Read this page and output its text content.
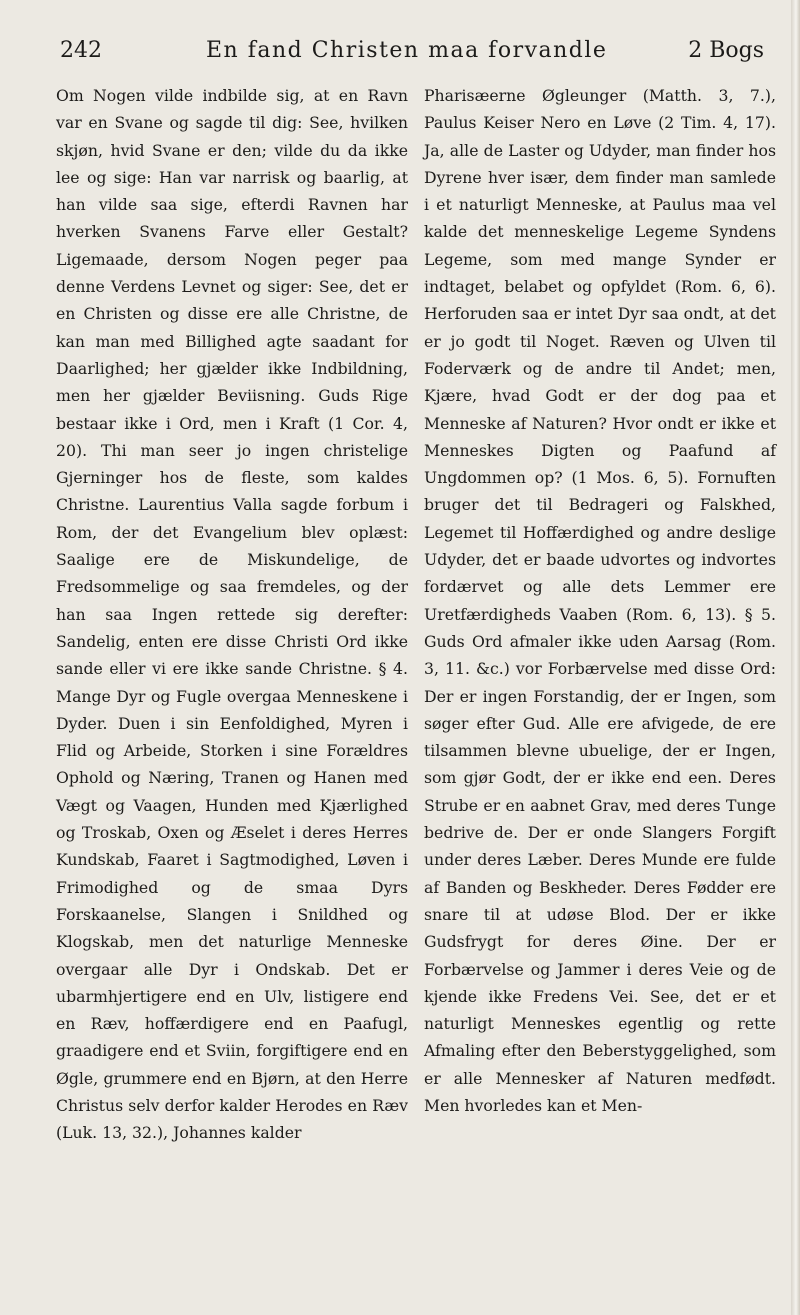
242	En fand Christen maa forvandle	2 Bogs

Om Nogen vilde indbilde sig, at en Ravn var en Svane og sagde til dig: See, hvilken skjøn, hvid Svane er den; vilde du da ikke lee og sige: Han var narrisk og baarlig, at han vilde saa sige, efterdi Ravnen har hverken Svanens Farve eller Gestalt? Ligemaade, dersom Nogen peger paa denne Verdens Levnet og siger: See, det er en Christen og disse ere alle Christne, de kan man med Billighed agte saadant for Daarlighed; her gjælder ikke Indbildning, men her gjælder Beviisning. Guds Rige bestaar ikke i Ord, men i Kraft (1 Cor. 4, 20). Thi man seer jo ingen christelige Gjerninger hos de fleste, som kaldes Christne. Laurentius Valla sagde forbum i Rom, der det Evangelium blev oplæst: Saalige ere de Miskundelige, de Fredsommelige og saa fremdeles, og der han saa Ingen rettede sig derefter: Sandelig, enten ere disse Christi Ord ikke sande eller vi ere ikke sande Christne. § 4. Mange Dyr og Fugle overgaa Menneskene i Dyder. Duen i sin Eenfoldighed, Myren i Flid og Arbeide, Storken i sine Forældres Ophold og Næring, Tranen og Hanen med Vægt og Vaagen, Hunden med Kjærlighed og Troskab, Oxen og Æselet i deres Herres Kundskab, Faaret i Sagtmodighed, Løven i Frimodighed og de smaa Dyrs Forskaanelse, Slangen i Snildhed og Klogskab, men det naturlige Menneske overgaar alle Dyr i Ondskab. Det er ubarmhjertigere end en Ulv, listigere end en Ræv, hoffærdigere end en Paafugl, graadigere end et Sviin, forgiftigere end en Øgle, grummere end en Bjørn, at den Herre Christus selv derfor kalder Herodes en Ræv (Luk. 13, 32.), Johannes kalder

Pharisæerne Øgleunger (Matth. 3, 7.), Paulus Keiser Nero en Løve (2 Tim. 4, 17). Ja, alle de Laster og Udyder, man finder hos Dyrene hver især, dem finder man samlede i et naturligt Menneske, at Paulus maa vel kalde det menneskelige Legeme Syndens Legeme, som med mange Synder er indtaget, belabet og opfyldet (Rom. 6, 6). Herforuden saa er intet Dyr saa ondt, at det er jo godt til Noget. Ræven og Ulven til Foderværk og de andre til Andet; men, Kjære, hvad Godt er der dog paa et Menneske af Naturen? Hvor ondt er ikke et Menneskes Digten og Paafund af Ungdommen op? (1 Mos. 6, 5). Fornuften bruger det til Bedrageri og Falskhed, Legemet til Hoffærdighed og andre deslige Udyder, det er baade udvortes og indvortes fordærvet og alle dets Lemmer ere Uretfærdigheds Vaaben (Rom. 6, 13). § 5. Guds Ord afmaler ikke uden Aarsag (Rom. 3, 11. &c.) vor Forbærvelse med disse Ord: Der er ingen Forstandig, der er Ingen, som søger efter Gud. Alle ere afvigede, de ere tilsammen blevne ubuelige, der er Ingen, som gjør Godt, der er ikke end een. Deres Strube er en aabnet Grav, med deres Tunge bedrive de. Der er onde Slangers Forgift under deres Læber. Deres Munde ere fulde af Banden og Beskheder. Deres Fødder ere snare til at udøse Blod. Der er ikke Gudsfrygt for deres Øine. Der er Forbærvelse og Jammer i deres Veie og de kjende ikke Fredens Vei. See, det er et naturligt Menneskes egentlig og rette Afmaling efter den Beberstyggelighed, som er alle Mennesker af Naturen medfødt. Men hvorledes kan et Men-
